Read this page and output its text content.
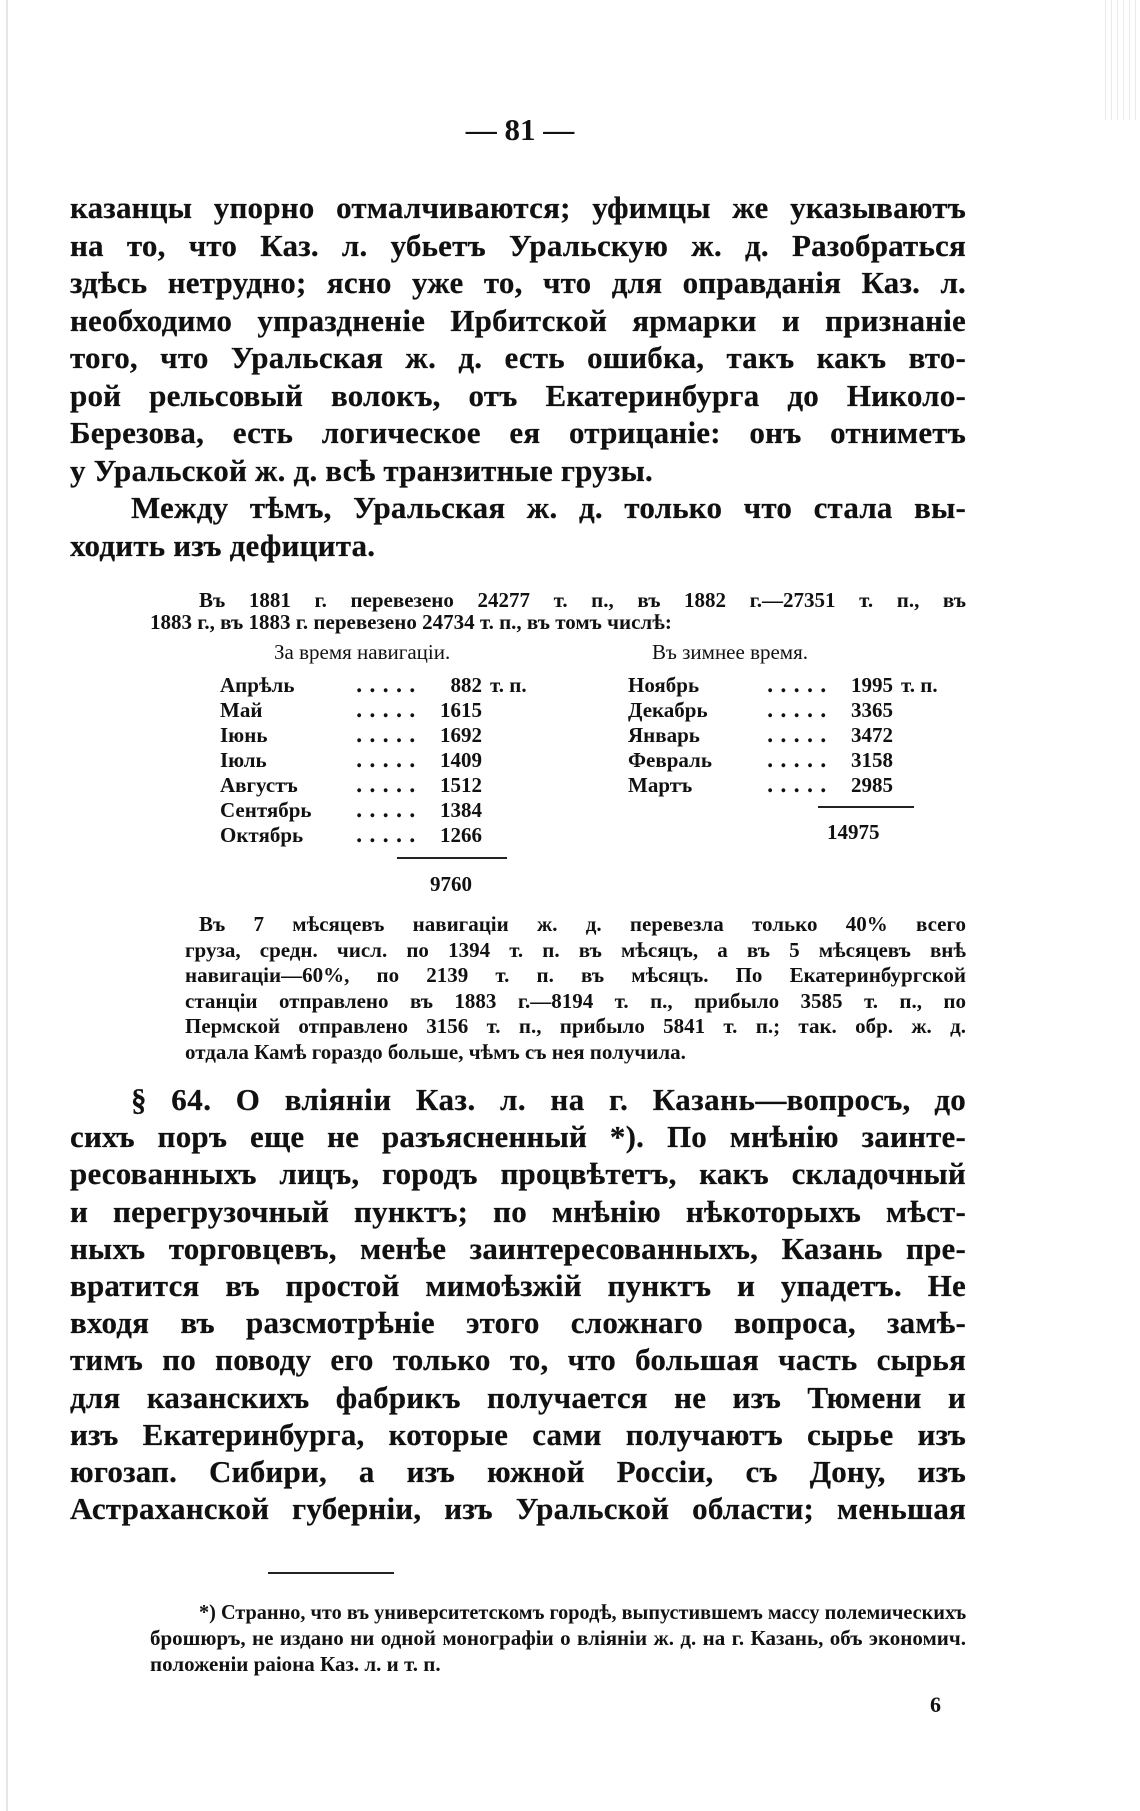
— 81 —
казанцы упорно отмалчиваются; уфимцы же указываютъ
на то, что Каз. л. убьетъ Уральскую ж. д. Разобраться
здѣсь нетрудно; ясно уже то, что для оправданія Каз. л.
необходимо упраздненіе Ирбитской ярмарки и признаніе
того, что Уральская ж. д. есть ошибка, такъ какъ вто-
рой рельсовый волокъ, отъ Екатеринбурга до Николо-
Березова, есть логическое ея отрицаніе: онъ отниметъ
у Уральской ж. д. всѣ транзитные грузы.
Между тѣмъ, Уральская ж. д. только что стала вы-
ходить изъ дефицита.
Въ 1881 г. перевезено 24277 т. п., въ 1882 г.—27351 т. п., въ
1883 г., въ 1883 г. перевезено 24734 т. п., въ томъ числѣ:
За время навигаціи.
Апрѣль	․․․․․	882 т. п.
Май	․․․․․ 1615
Іюнь	․․․․․ 1692
Іюль	․․․․․ 1409
Августъ	․․․․․ 1512
Сентябрь	․․․․․ 1384
Октябрь	․․․․․ 1266
Въ зимнее время.
Ноябрь	․․․․․ 1995 т. п.
Декабрь	․․․․․ 3365
Январь	․․․․․ 3472
Февраль	․․․․․ 3158
Мартъ	․․․․․ 2985
9760
14975
Въ 7 мѣсяцевъ навигаціи ж. д. перевезла только 40% всего
груза, средн. числ. по 1394 т. п. въ мѣсяцъ, а въ 5 мѣсяцевъ внѣ
навигаціи—60%, по 2139 т. п. въ мѣсяцъ. По Екатеринбургской
станціи отправлено въ 1883 г.—8194 т. п., прибыло 3585 т. п., по
Пермской отправлено 3156 т. п., прибыло 5841 т. п.; так. обр. ж. д.
отдала Камѣ гораздо больше, чѣмъ съ нея получила.
§ 64. О вліяніи Каз. л. на г. Казань—вопросъ, до
сихъ поръ еще не разъясненный *). По мнѣнію заинте-
ресованныхъ лицъ, городъ процвѣтетъ, какъ складочный
и перегрузочный пунктъ; по мнѣнію нѣкоторыхъ мѣст-
ныхъ торговцевъ, менѣе заинтересованныхъ, Казань пре-
вратится въ простой мимоѣзжій пунктъ и упадетъ. Не
входя въ разсмотрѣніе этого сложнаго вопроса, замѣ-
тимъ по поводу его только то, что большая часть сырья
для казанскихъ фабрикъ получается не изъ Тюмени и
изъ Екатеринбурга, которые сами получаютъ сырье изъ
югозап. Сибири, а изъ южной Россіи, съ Дону, изъ
Астраханской губерніи, изъ Уральской области; меньшая
*) Странно, что въ университетскомъ городѣ, выпустившемъ массу полемическихъ
брошюръ, не издано ни одной монографіи о вліяніи ж. д. на г. Казань, объ экономич.
положеніи раіона Каз. л. и т. п.
6
